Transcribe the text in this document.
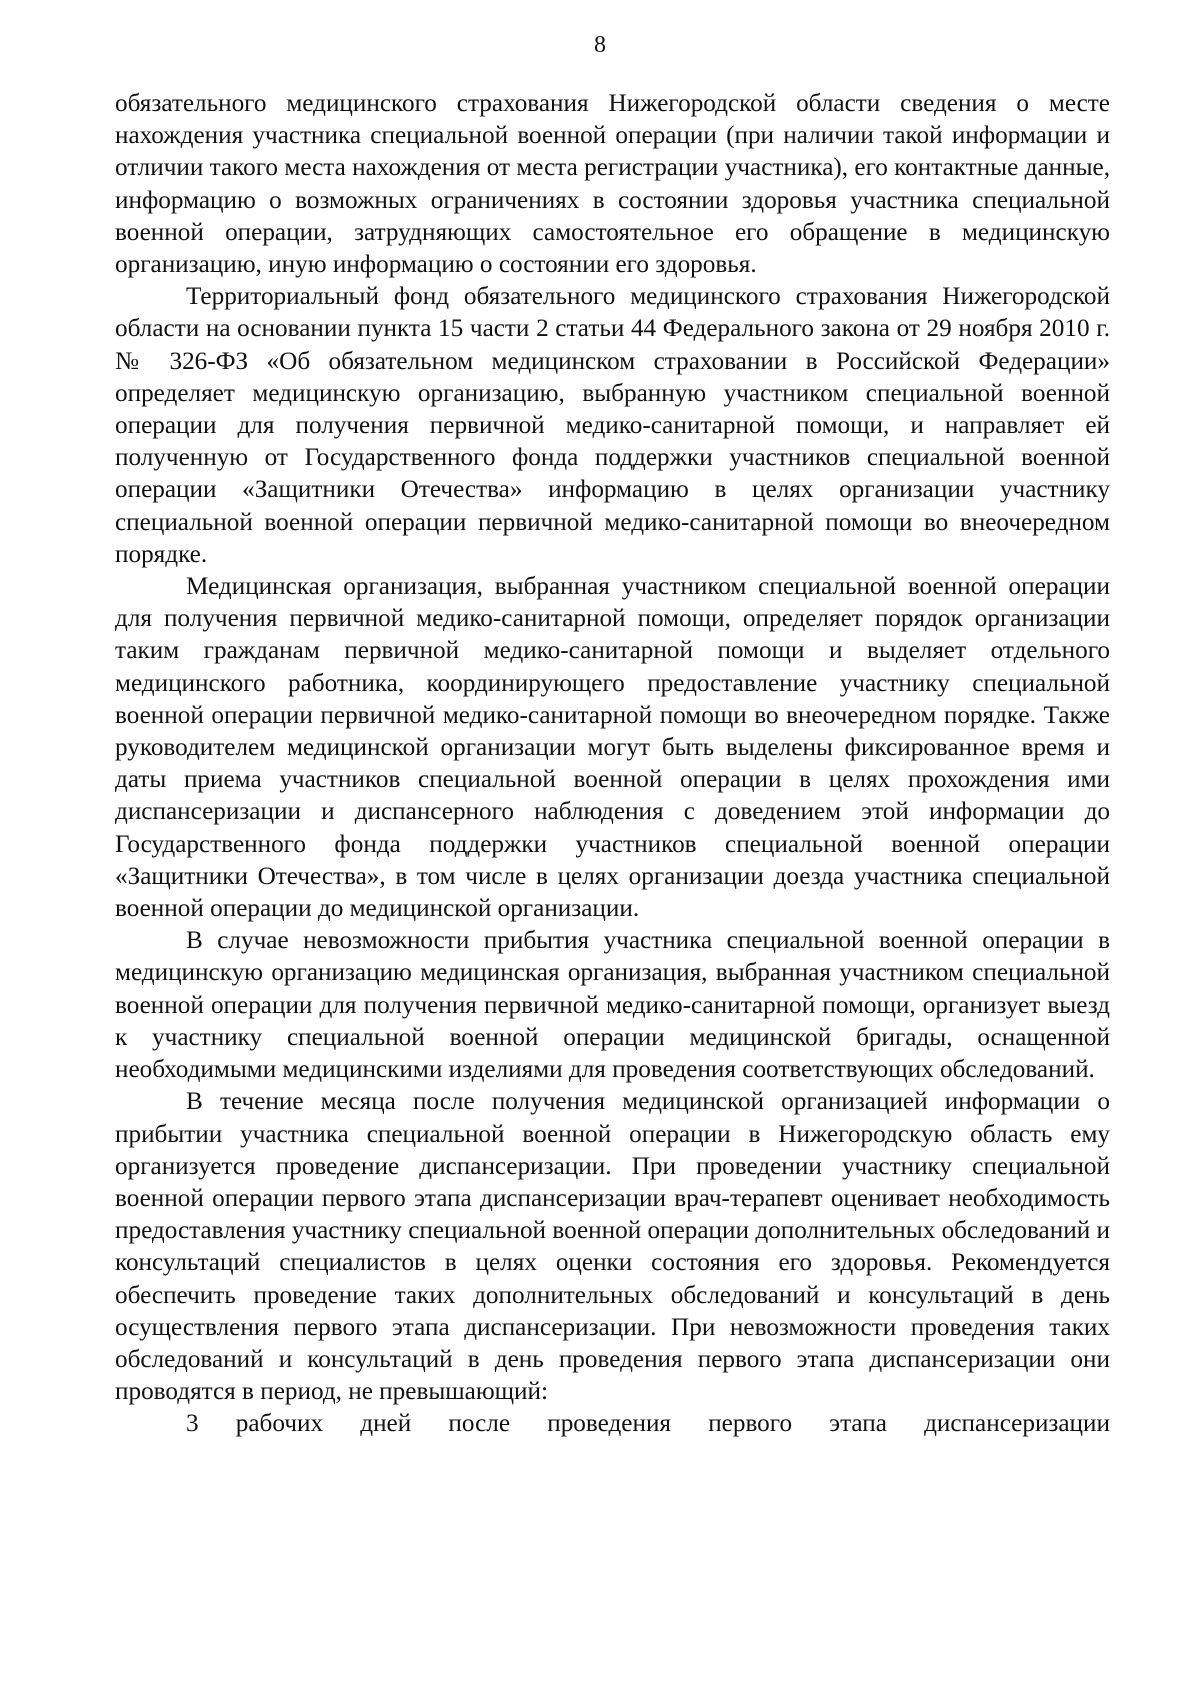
8

обязательного медицинского страхования Нижегородской области сведения о месте нахождения участника специальной военной операции (при наличии такой информации и отличии такого места нахождения от места регистрации участника), его контактные данные, информацию о возможных ограничениях в состоянии здоровья участника специальной военной операции, затрудняющих самостоятельное его обращение в медицинскую организацию, иную информацию о состоянии его здоровья.

Территориальный фонд обязательного медицинского страхования Нижегородской области на основании пункта 15 части 2 статьи 44 Федерального закона от 29 ноября 2010 г. № 326-ФЗ «Об обязательном медицинском страховании в Российской Федерации» определяет медицинскую организацию, выбранную участником специальной военной операции для получения первичной медико-санитарной помощи, и направляет ей полученную от Государственного фонда поддержки участников специальной военной операции «Защитники Отечества» информацию в целях организации участнику специальной военной операции первичной медико-санитарной помощи во внеочередном порядке.

Медицинская организация, выбранная участником специальной военной операции для получения первичной медико-санитарной помощи, определяет порядок организации таким гражданам первичной медико-санитарной помощи и выделяет отдельного медицинского работника, координирующего предоставление участнику специальной военной операции первичной медико-санитарной помощи во внеочередном порядке. Также руководителем медицинской организации могут быть выделены фиксированное время и даты приема участников специальной военной операции в целях прохождения ими диспансеризации и диспансерного наблюдения с доведением этой информации до Государственного фонда поддержки участников специальной военной операции «Защитники Отечества», в том числе в целях организации доезда участника специальной военной операции до медицинской организации.

В случае невозможности прибытия участника специальной военной операции в медицинскую организацию медицинская организация, выбранная участником специальной военной операции для получения первичной медико-санитарной помощи, организует выезд к участнику специальной военной операции медицинской бригады, оснащенной необходимыми медицинскими изделиями для проведения соответствующих обследований.

В течение месяца после получения медицинской организацией информации о прибытии участника специальной военной операции в Нижегородскую область ему организуется проведение диспансеризации. При проведении участнику специальной военной операции первого этапа диспансеризации врач-терапевт оценивает необходимость предоставления участнику специальной военной операции дополнительных обследований и консультаций специалистов в целях оценки состояния его здоровья. Рекомендуется обеспечить проведение таких дополнительных обследований и консультаций в день осуществления первого этапа диспансеризации. При невозможности проведения таких обследований и консультаций в день проведения первого этапа диспансеризации они проводятся в период, не превышающий:

3 рабочих дней после проведения первого этапа диспансеризации
